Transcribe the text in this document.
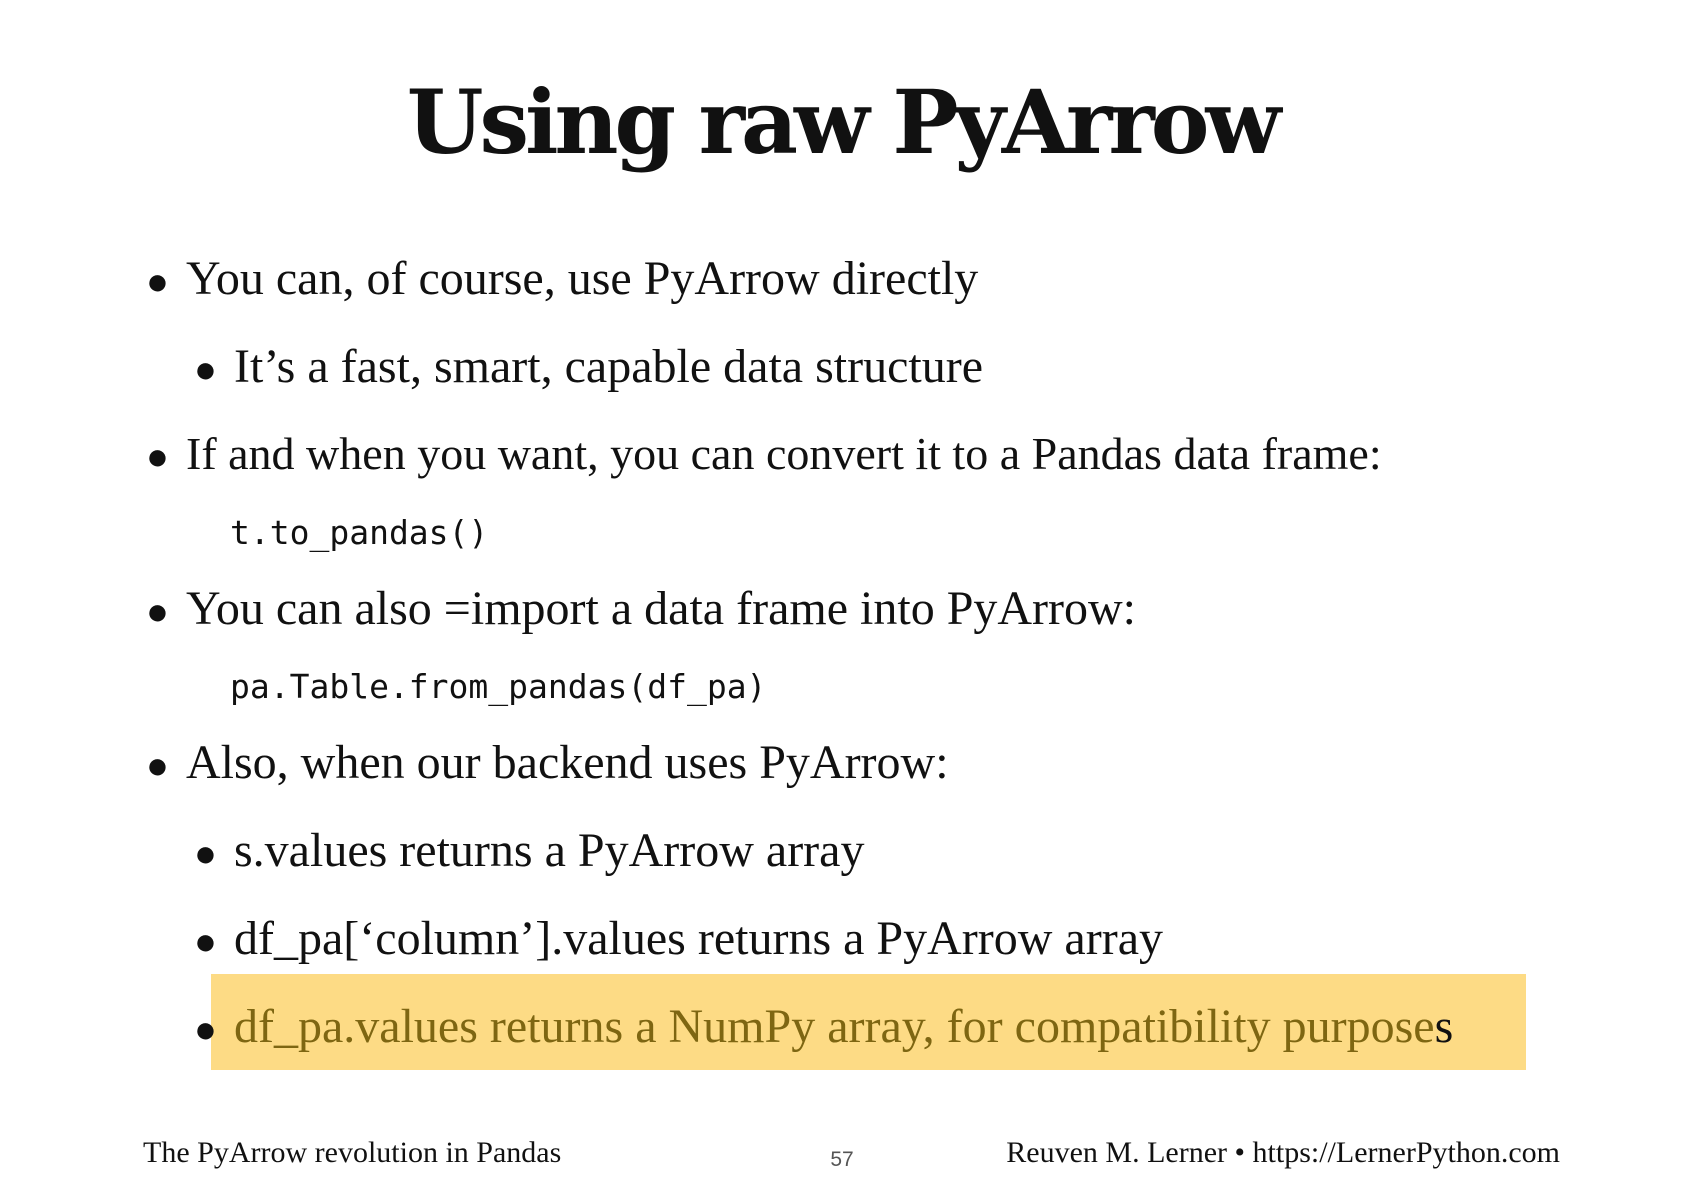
Using raw PyArrow
● You can, of course, use PyArrow directly
● It’s a fast, smart, capable data structure
● If and when you want, you can convert it to a Pandas data frame:
t.to_pandas()
● You can also =import a data frame into PyArrow:
pa.Table.from_pandas(df_pa)
● Also, when our backend uses PyArrow:
● s.values returns a PyArrow array
● df_pa[‘column’].values returns a PyArrow array
● df_pa.values returns a NumPy array, for compatibility purposes
The PyArrow revolution in Pandas	57	Reuven M. Lerner • https://LernerPython.com
